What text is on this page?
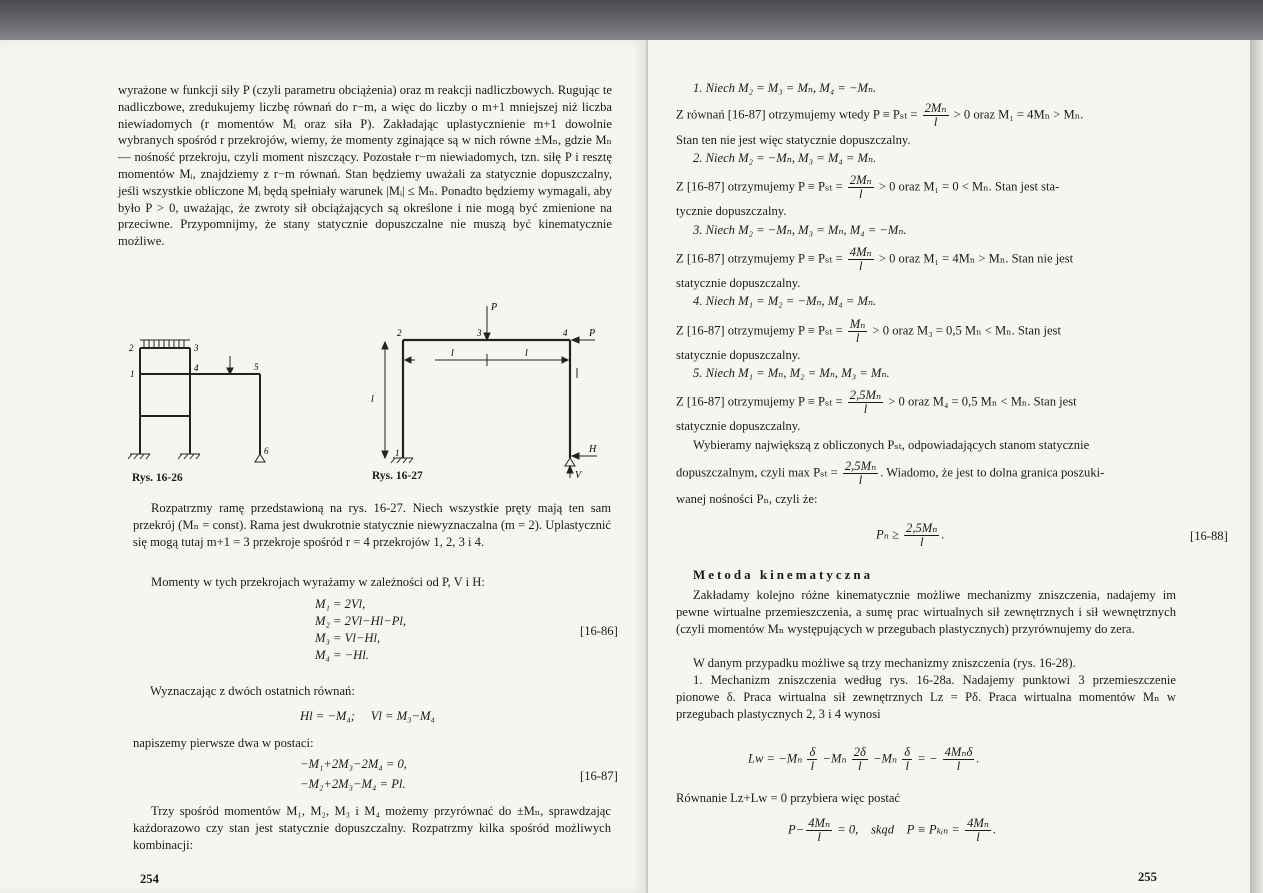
wyrażone w funkcji siły P (czyli parametru obciążenia) oraz m reakcji nadliczbowych. Rugując te nadliczbowe, zredukujemy liczbę równań do r−m, a więc do liczby o m+1 mniejszej niż liczba niewiadomych (r momentów Mᵢ oraz siła P). Zakładając uplastycznienie m+1 dowolnie wybranych spośród r przekrojów, wiemy, że momenty zginające są w nich równe ±Mₙ, gdzie Mₙ — nośność przekroju, czyli moment niszczący. Pozostałe r−m niewiadomych, tzn. siłę P i resztę momentów Mᵢ, znajdziemy z r−m równań. Stan będziemy uważali za statycznie dopuszczalny, jeśli wszystkie obliczone Mᵢ będą spełniały warunek |Mᵢ| ≤ Mₙ. Ponadto będziemy wymagali, aby było P > 0, uważając, że zwroty sił obciążających są określone i nie mogą być zmienione na przeciwne. Przypomnijmy, że stany statycznie dopuszczalne nie muszą być kinematycznie możliwe.
2	3
1
4	5
6
P
2	3	4 P
l	l
l
1	H
V
Rys. 16-26	Rys. 16-27
Rozpatrzmy ramę przedstawioną na rys. 16-27. Niech wszystkie pręty mają ten sam przekrój (Mₙ = const). Rama jest dwukrotnie statycznie niewyznaczalna (m = 2). Uplastycznić się mogą tutaj m+1 = 3 przekroje spośród r = 4 przekrojów 1, 2, 3 i 4.
Momenty w tych przekrojach wyrażamy w zależności od P, V i H:
M₁ = 2Vl,
M₂ = 2Vl−Hl−Pl,
M₃ = Vl−Hl,
M₄ = −Hl.
[16-86]
Wyznaczając z dwóch ostatnich równań:
Hl = −M₄;     Vl = M₃−M₄
napiszemy pierwsze dwa w postaci:
−M₁+2M₃−2M₄ = 0,
−M₂+2M₃−M₄ = Pl.
[16-87]
Trzy spośród momentów M₁, M₂, M₃ i M₄ możemy przyrównać do ±Mₙ, sprawdzając każdorazowo czy stan jest statycznie dopuszczalny. Rozpatrzmy kilka spośród możliwych kombinacji:
254
1. Niech M₂ = M₃ = Mₙ, M₄ = −Mₙ.
Z równań [16-87] otrzymujemy wtedy $P \equiv P_{st} = \frac{\text{2Mₙ}}{l} > 0$ oraz M₁ = 4Mₙ > Mₙ.
Stan ten nie jest więc statycznie dopuszczalny.
2. Niech M₂ = −Mₙ, M₃ = M₄ = Mₙ.
Z [16-87] otrzymujemy $P \equiv P_{st} = \frac{\text{2Mₙ}}{l} > 0$ oraz M₁ = 0 < Mₙ. Stan jest sta-
tycznie dopuszczalny.
3. Niech M₂ = −Mₙ, M₃ = Mₙ, M₄ = −Mₙ.
Z [16-87] otrzymujemy $P \equiv P_{st} = \frac{\text{4Mₙ}}{l} > 0$ oraz M₁ = 4Mₙ > Mₙ. Stan nie jest
statycznie dopuszczalny.
4. Niech M₁ = M₂ = −Mₙ, M₄ = Mₙ.
Z [16-87] otrzymujemy $P \equiv P_{st} = \frac{\text{Mₙ}}{l} > 0$ oraz M₃ = 0,5 Mₙ < Mₙ. Stan jest
statycznie dopuszczalny.
5. Niech M₁ = Mₙ, M₂ = Mₙ, M₃ = Mₙ.
Z [16-87] otrzymujemy $P \equiv P_{st} = \frac{\text{2,5Mₙ}}{l} > 0$ oraz M₄ = 0,5 Mₙ < Mₙ. Stan jest
statycznie dopuszczalny.
Wybieramy największą z obliczonych Pₛₜ, odpowiadających stanom statycznie
dopuszczalnym, czyli $\max P_{st} = \frac{\text{2,5Mₙ}}{l}$ . Wiadomo, że jest to dolna granica poszuki-
wanej nośności Pₙ, czyli że:
$P_n \ge \frac{\text{2,5Mₙ}}{l}$ .	[16-88]
Metoda kinematyczna
Zakładamy kolejno różne kinematycznie możliwe mechanizmy zniszczenia, nadajemy im pewne wirtualne przemieszczenia, a sumę prac wirtualnych sił zewnętrznych i sił wewnętrznych (czyli momentów Mₙ występujących w przegubach plastycznych) przyrównujemy do zera.
W danym przypadku możliwe są trzy mechanizmy zniszczenia (rys. 16-28).
1. Mechanizm zniszczenia według rys. 16-28a. Nadajemy punktowi 3 przemieszczenie pionowe δ. Praca wirtualna sił zewnętrznych Lz = Pδ. Praca wirtualna momentów Mₙ w przegubach plastycznych 2, 3 i 4 wynosi
$Lw = -M_n \frac{\delta}{l} -M_n \frac{2\delta}{l} -M_n \frac{\delta}{l}$ = − $\frac{\text{4Mₙδ}}{l}$ .
Równanie Lz+Lw = 0 przybiera więc postać
$P- \frac{\text{4Mₙ}}{l} = 0$,    skąd    P ≡ Pₖᵢₙ = $\frac{\text{4Mₙ}}{l}$ .
255
